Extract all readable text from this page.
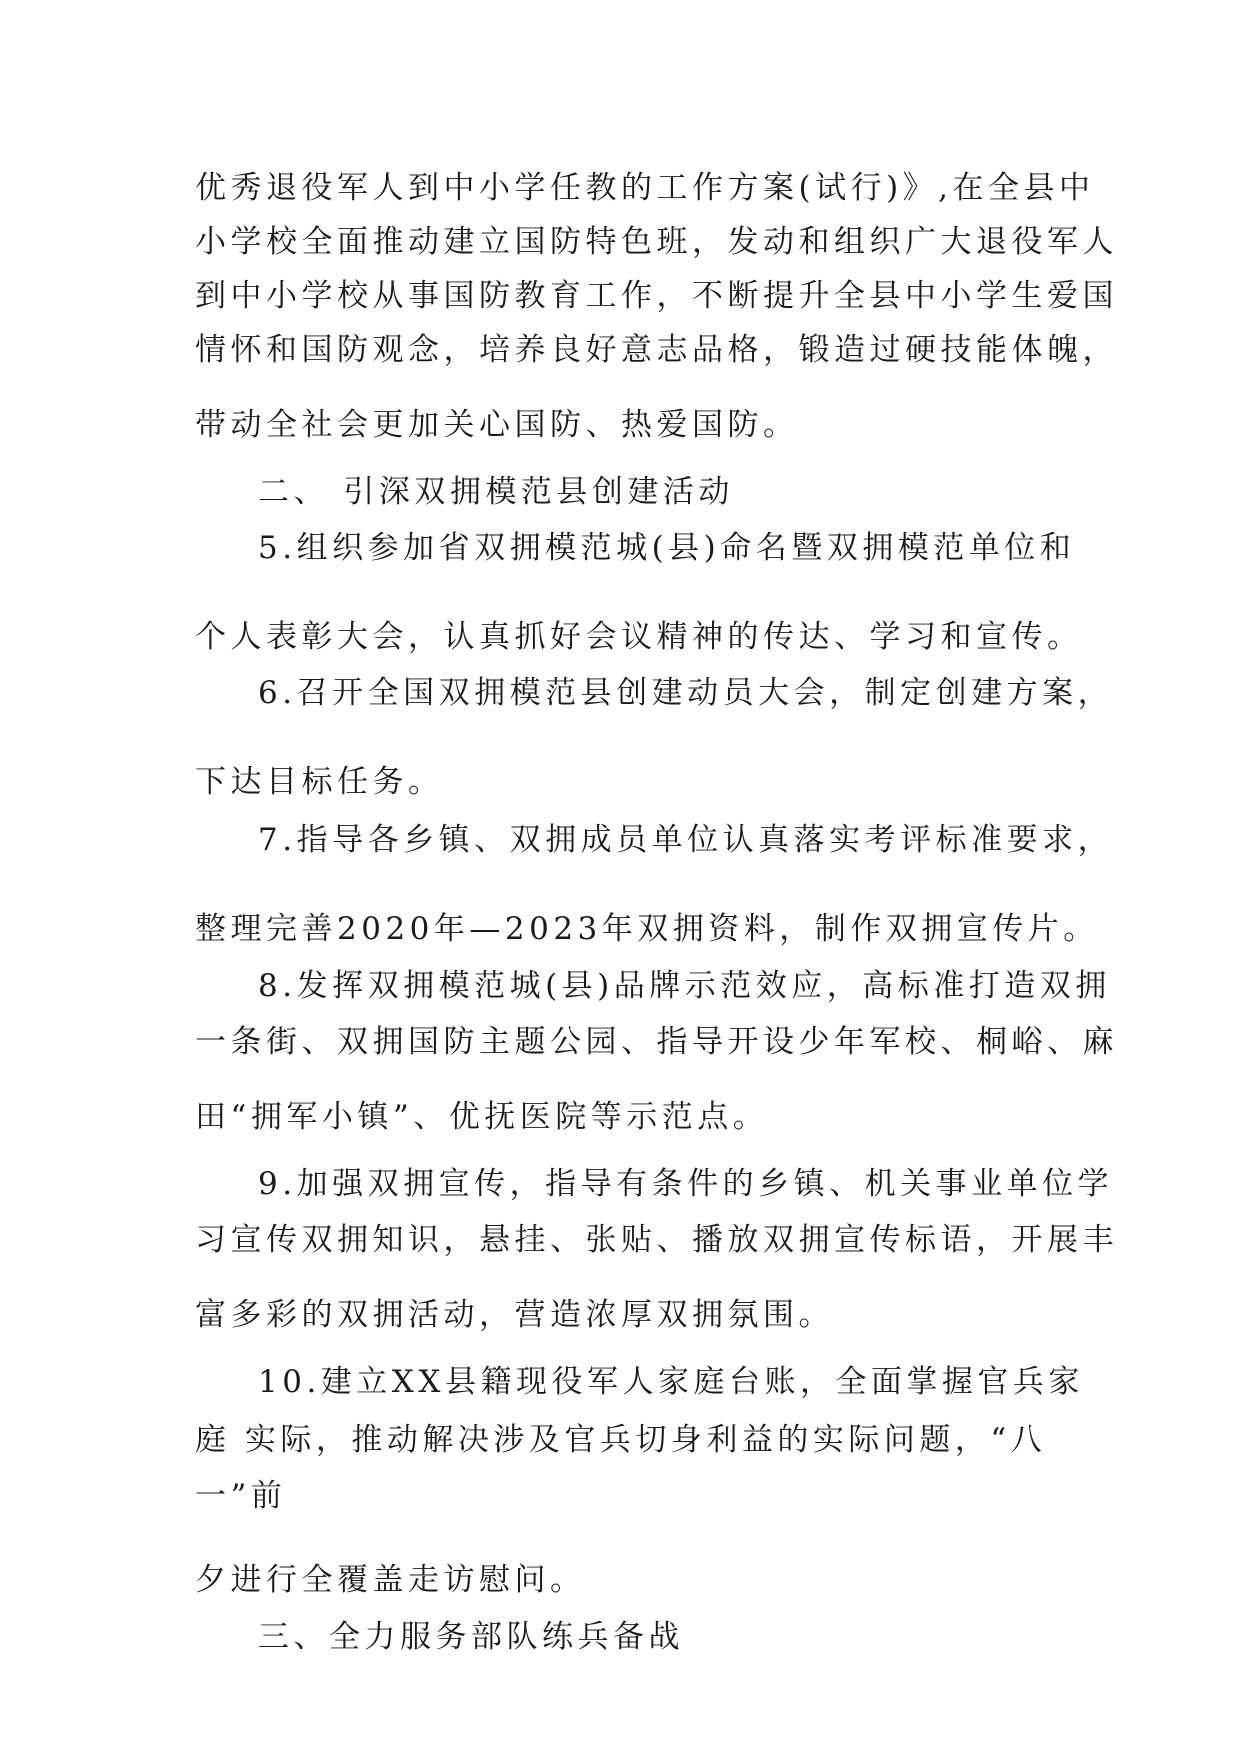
优秀退役军人到中小学任教的工作方案(试行)》,在全县中
小学校全面推动建立国防特色班，发动和组织广大退役军人
到中小学校从事国防教育工作，不断提升全县中小学生爱国
情怀和国防观念，培养良好意志品格，锻造过硬技能体魄，
带动全社会更加关心国防、热爱国防。
二、 引深双拥模范县创建活动
5.组织参加省双拥模范城(县)命名暨双拥模范单位和
个人表彰大会，认真抓好会议精神的传达、学习和宣传。
6.召开全国双拥模范县创建动员大会，制定创建方案，
下达目标任务。
7.指导各乡镇、双拥成员单位认真落实考评标准要求，
整理完善2020年—2023年双拥资料，制作双拥宣传片。
8.发挥双拥模范城(县)品牌示范效应，高标准打造双拥
一条街、双拥国防主题公园、指导开设少年军校、桐峪、麻
田“拥军小镇”、优抚医院等示范点。
9.加强双拥宣传，指导有条件的乡镇、机关事业单位学
习宣传双拥知识，悬挂、张贴、播放双拥宣传标语，开展丰
富多彩的双拥活动，营造浓厚双拥氛围。
10.建立XX县籍现役军人家庭台账，全面掌握官兵家
庭 实际，推动解决涉及官兵切身利益的实际问题，“八
一”前
夕进行全覆盖走访慰问。
三、全力服务部队练兵备战
